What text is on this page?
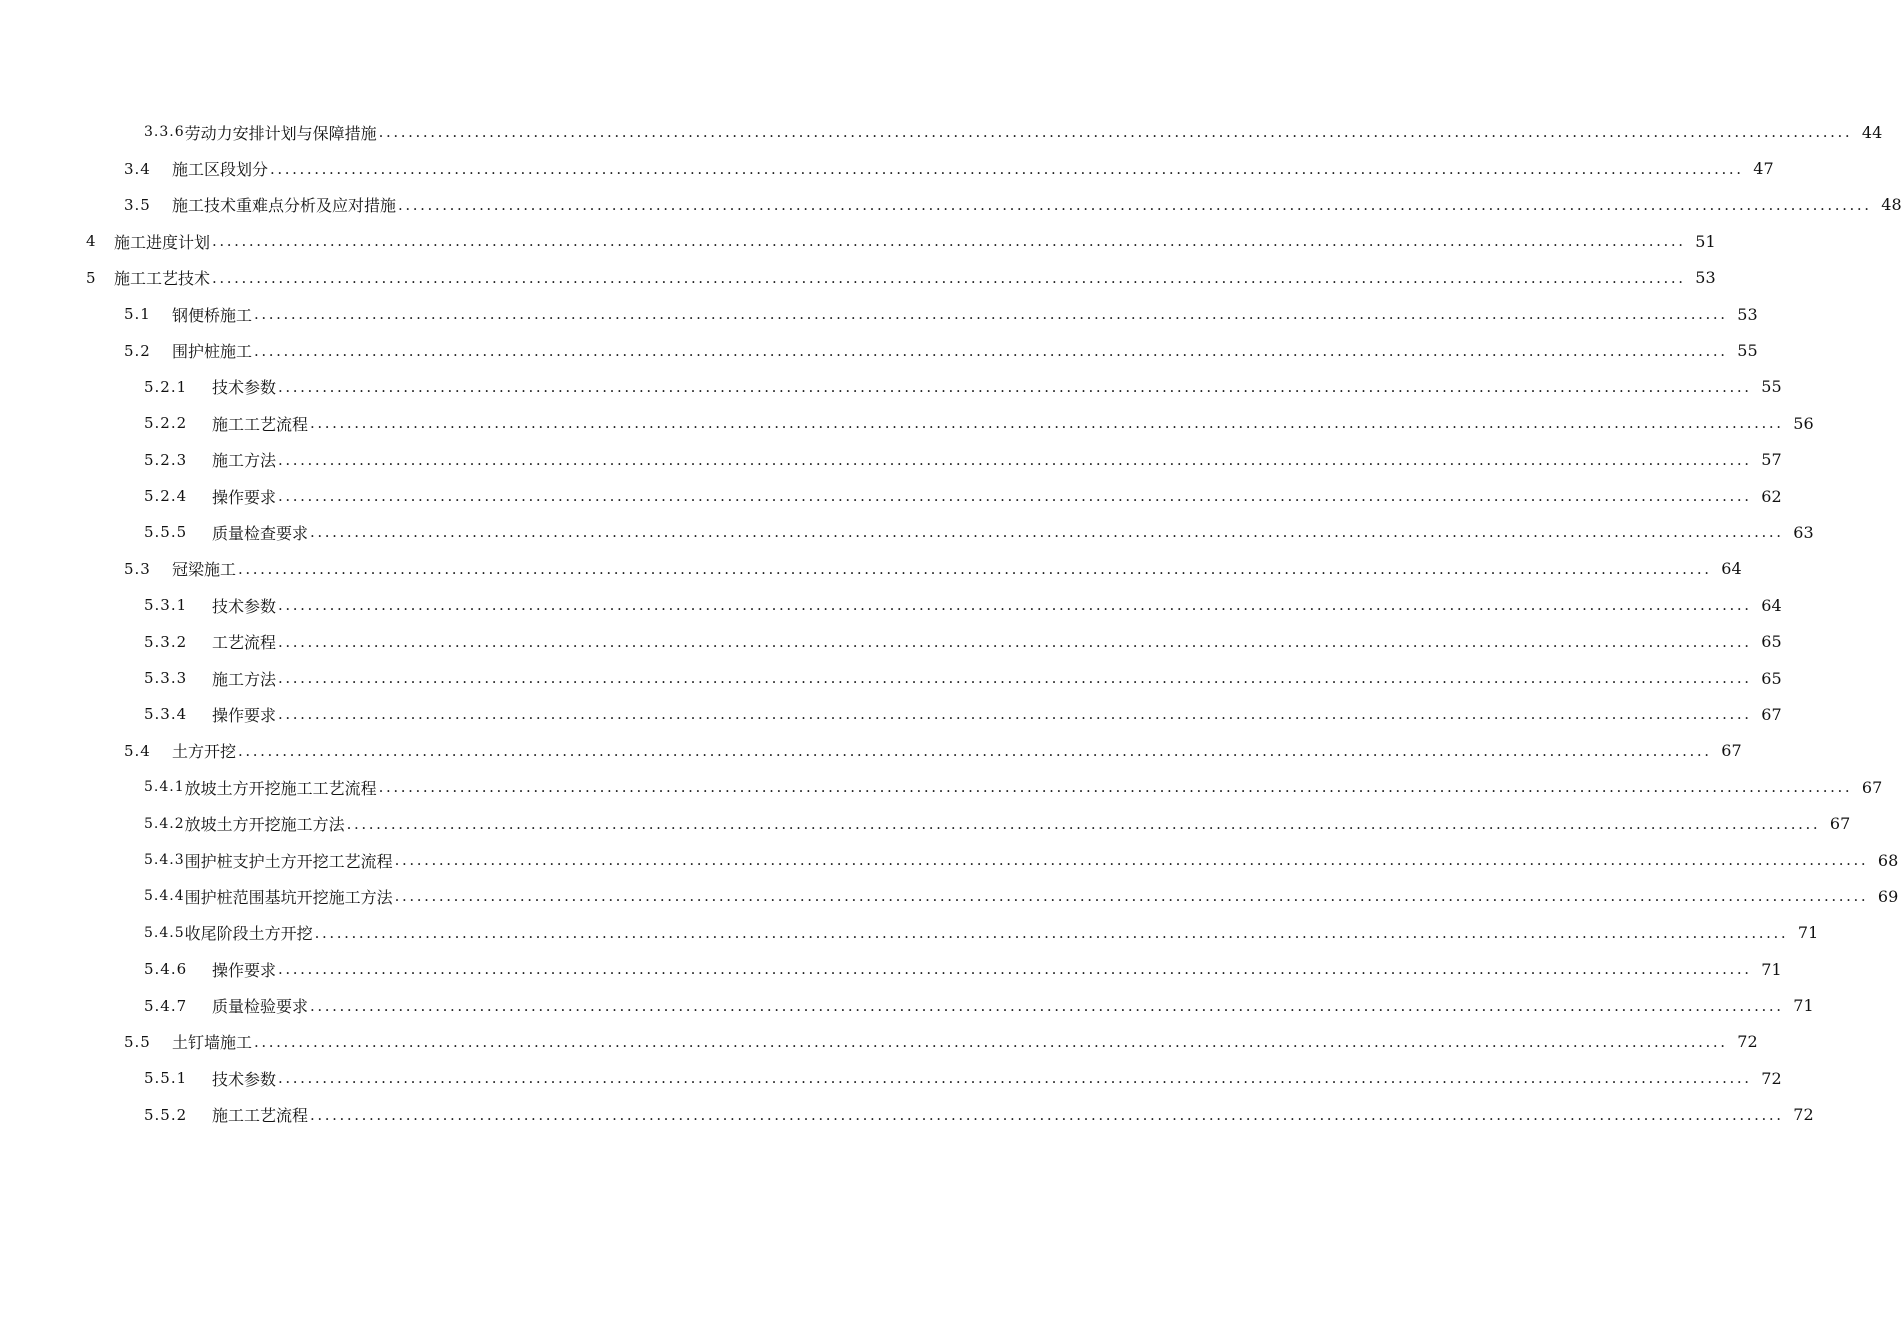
3.3.6 劳动力安排计划与保障措施 ........................................................................................................................................................................................................ 44
3.4	施工区段划分 ........................................................................................................................................................................................................ 47
3.5	施工技术重难点分析及应对措施 ........................................................................................................................................................................................................ 48
4	施工进度计划 ........................................................................................................................................................................................................ 51
5	施工工艺技术 ........................................................................................................................................................................................................ 53
5.1	钢便桥施工 ........................................................................................................................................................................................................ 53
5.2	围护桩施工 ........................................................................................................................................................................................................ 55
5.2.1	技术参数 ........................................................................................................................................................................................................ 55
5.2.2	施工工艺流程 ........................................................................................................................................................................................................ 56
5.2.3	施工方法 ........................................................................................................................................................................................................ 57
5.2.4	操作要求 ........................................................................................................................................................................................................ 62
5.5.5	质量检查要求 ........................................................................................................................................................................................................ 63
5.3	冠梁施工 ........................................................................................................................................................................................................ 64
5.3.1	技术参数 ........................................................................................................................................................................................................ 64
5.3.2	工艺流程 ........................................................................................................................................................................................................ 65
5.3.3	施工方法 ........................................................................................................................................................................................................ 65
5.3.4	操作要求 ........................................................................................................................................................................................................ 67
5.4	土方开挖 ........................................................................................................................................................................................................ 67
5.4.1 放坡土方开挖施工工艺流程 ........................................................................................................................................................................................................ 67
5.4.2 放坡土方开挖施工方法 ........................................................................................................................................................................................................ 67
5.4.3 围护桩支护土方开挖工艺流程 ........................................................................................................................................................................................................ 68
5.4.4 围护桩范围基坑开挖施工方法 ........................................................................................................................................................................................................ 69
5.4.5 收尾阶段土方开挖 ........................................................................................................................................................................................................ 71
5.4.6	操作要求 ........................................................................................................................................................................................................ 71
5.4.7	质量检验要求 ........................................................................................................................................................................................................ 71
5.5	土钉墙施工 ........................................................................................................................................................................................................ 72
5.5.1	技术参数 ........................................................................................................................................................................................................ 72
5.5.2	施工工艺流程 ........................................................................................................................................................................................................ 72
